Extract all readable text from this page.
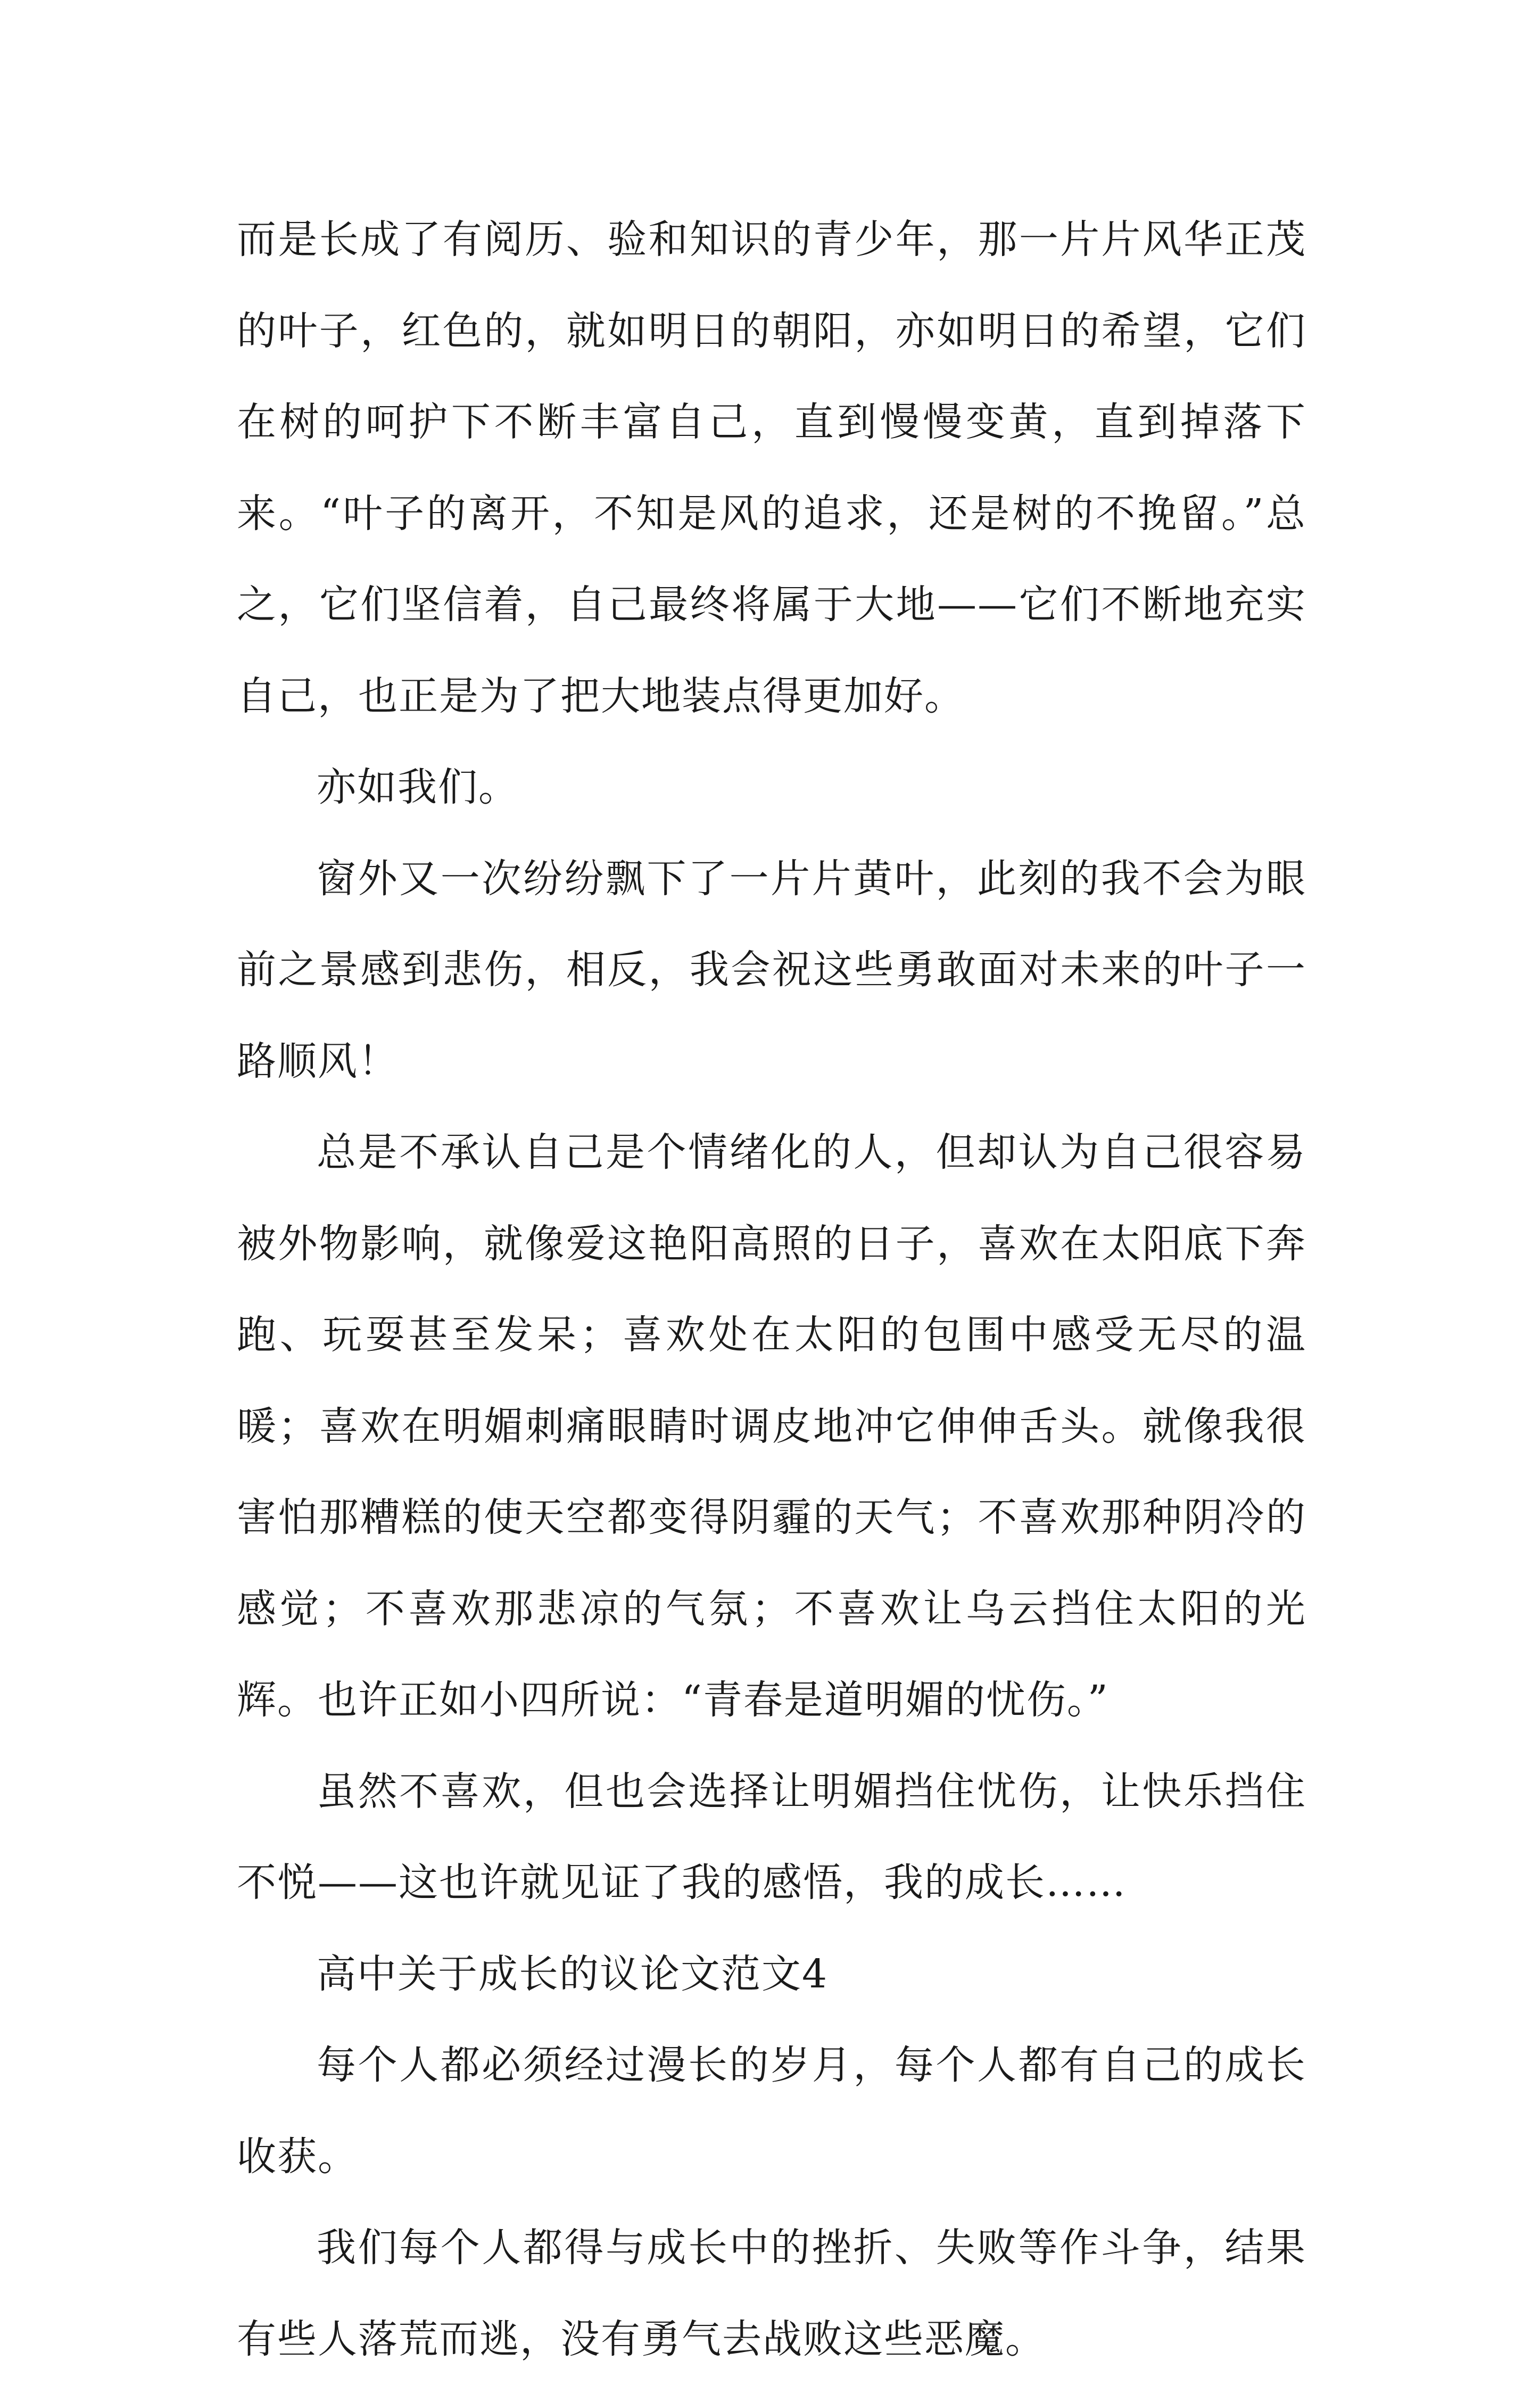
而是长成了有阅历、验和知识的青少年，那一片片风华正茂的叶子，红色的，就如明日的朝阳，亦如明日的希望，它们在树的呵护下不断丰富自己，直到慢慢变黄，直到掉落下来。“叶子的离开，不知是风的追求，还是树的不挽留。”总之，它们坚信着，自己最终将属于大地——它们不断地充实自己，也正是为了把大地装点得更加好。

亦如我们。

窗外又一次纷纷飘下了一片片黄叶，此刻的我不会为眼前之景感到悲伤，相反，我会祝这些勇敢面对未来的叶子一路顺风！

总是不承认自己是个情绪化的人，但却认为自己很容易被外物影响，就像爱这艳阳高照的日子，喜欢在太阳底下奔跑、玩耍甚至发呆；喜欢处在太阳的包围中感受无尽的温暖；喜欢在明媚刺痛眼睛时调皮地冲它伸伸舌头。就像我很害怕那糟糕的使天空都变得阴霾的天气；不喜欢那种阴冷的感觉；不喜欢那悲凉的气氛；不喜欢让乌云挡住太阳的光辉。也许正如小四所说：“青春是道明媚的忧伤。”

虽然不喜欢，但也会选择让明媚挡住忧伤，让快乐挡住不悦——这也许就见证了我的感悟，我的成长……

高中关于成长的议论文范文4

每个人都必须经过漫长的岁月，每个人都有自己的成长收获。

我们每个人都得与成长中的挫折、失败等作斗争，结果有些人落荒而逃，没有勇气去战败这些恶魔。
